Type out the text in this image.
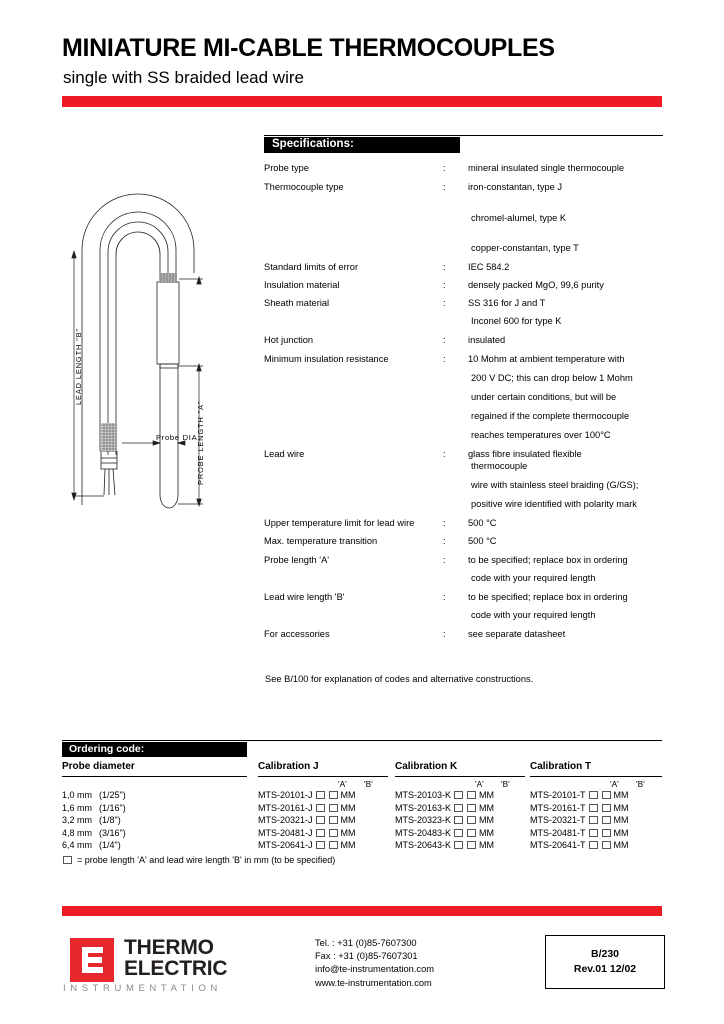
MINIATURE MI-CABLE THERMOCOUPLES
single with SS braided lead wire
LEAD LENGTH "B"
PROBE LENGTH "A"
Probe DIA
Specifications:
Probe type	: mineral insulated single thermocouple
Thermocouple type	: iron-constantan, type J
chromel-alumel, type K
copper-constantan, type T
Standard limits of error	: IEC 584.2
Insulation material	: densely packed MgO, 99,6 purity
Sheath material	: SS 316 for J and T
Inconel 600 for type K
Hot junction	: insulated
Minimum insulation resistance	: 10 Mohm at ambient temperature with
200 V DC; this can drop below 1 Mohm
under certain conditions, but will be
regained if the complete thermocouple
reaches temperatures over 100°C
Lead wire	: glass fibre insulated flexible
thermocouple
wire with stainless steel braiding (G/GS);
positive wire identified with polarity mark
Upper temperature limit for lead wire	: 500 °C
Max. temperature transition	: 500 °C
Probe length 'A'	: to be specified; replace box in ordering
code with your required length
Lead wire length 'B'	: to be specified; replace box in ordering
code with your required length
For accessories	: see separate datasheet
See B/100 for explanation of codes and alternative constructions.
Ordering code:
Probe diameter	Calibration J	Calibration K	Calibration T
'A' 'B'	'A' 'B'	'A' 'B'
1,0 mm (1/25")	MTS-20101-J	MM	MTS-20103-K	MM	MTS-20101-T	MM
1,6 mm (1/16")	MTS-20161-J	MM	MTS-20163-K	MM	MTS-20161-T	MM
3,2 mm (1/8")	MTS-20321-J	MM	MTS-20323-K	MM	MTS-20321-T	MM
4,8 mm (3/16")	MTS-20481-J	MM	MTS-20483-K	MM	MTS-20481-T	MM
6,4 mm (1/4")	MTS-20641-J	MM	MTS-20643-K	MM	MTS-20641-T	MM
= probe length 'A' and lead wire length 'B' in mm (to be specified)
THERMO
ELECTRIC
INSTRUMENTATION
Tel. : +31 (0)85-7607300
Fax : +31 (0)85-7607301
info@te-instrumentation.com
www.te-instrumentation.com
B/230
Rev.01 12/02
